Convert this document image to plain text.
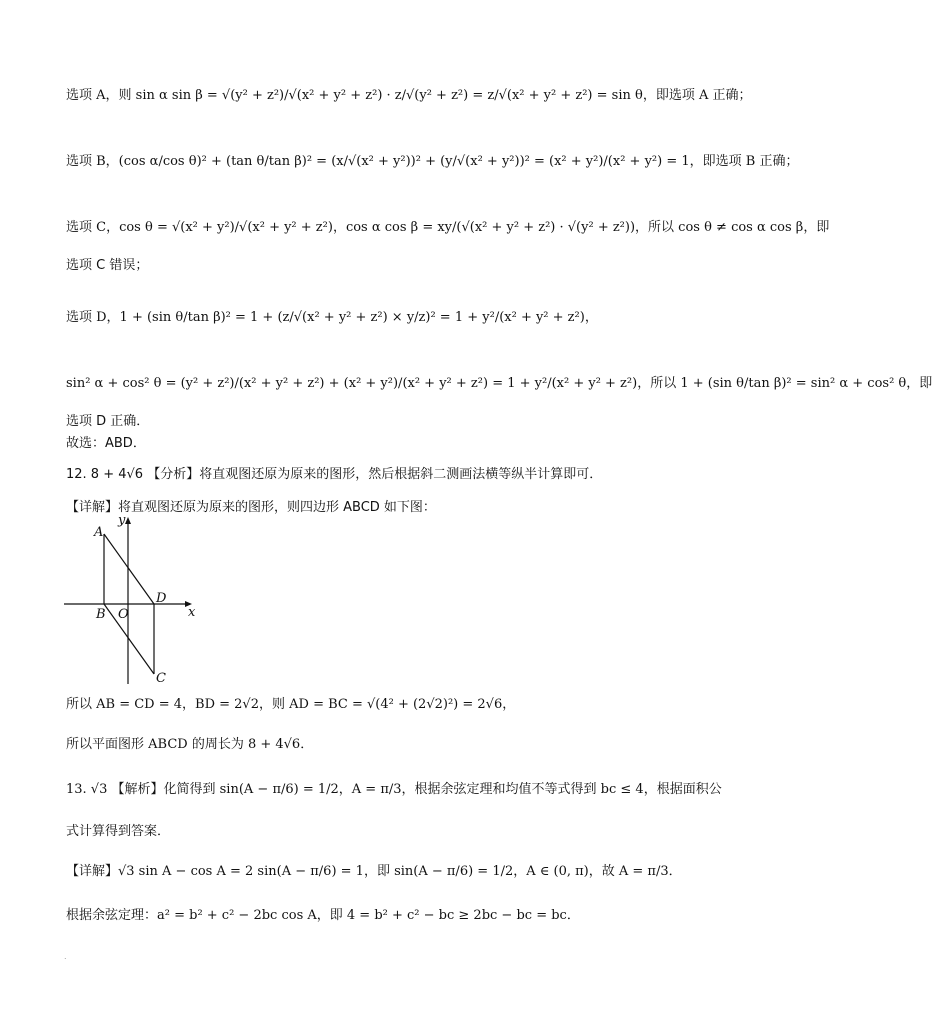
选项 A，则 sin α sin β = √(y² + z²)/√(x² + y² + z²) · z/√(y² + z²) = z/√(x² + y² + z²) = sin θ，即选项 A 正确；
选项 B，(cos α/cos θ)² + (tan θ/tan β)² = (x/√(x² + y²))² + (y/√(x² + y²))² = (x² + y²)/(x² + y²) = 1，即选项 B 正确；
选项 C，cos θ = √(x² + y²)/√(x² + y² + z²)，cos α cos β = xy/(√(x² + y² + z²) · √(y² + z²))，所以 cos θ ≠ cos α cos β，即
选项 C 错误；
选项 D，1 + (sin θ/tan β)² = 1 + (z/√(x² + y² + z²) × y/z)² = 1 + y²/(x² + y² + z²)，
sin² α + cos² θ = (y² + z²)/(x² + y² + z²) + (x² + y²)/(x² + y² + z²) = 1 + y²/(x² + y² + z²)，所以 1 + (sin θ/tan β)² = sin² α + cos² θ，即
选项 D 正确．
故选：ABD．
12. 8 + 4√6 【分析】将直观图还原为原来的图形，然后根据斜二测画法横等纵半计算即可．
【详解】将直观图还原为原来的图形，则四边形 ABCD 如下图：
A
y
B O
D
x
C
所以 AB = CD = 4，BD = 2√2，则 AD = BC = √(4² + (2√2)²) = 2√6，
所以平面图形 ABCD 的周长为 8 + 4√6．
13. √3 【解析】化简得到 sin(A − π/6) = 1/2，A = π/3，根据余弦定理和均值不等式得到 bc ≤ 4，根据面积公
式计算得到答案．
【详解】√3 sin A − cos A = 2 sin(A − π/6) = 1，即 sin(A − π/6) = 1/2，A ∈ (0, π)，故 A = π/3．
根据余弦定理：a² = b² + c² − 2bc cos A，即 4 = b² + c² − bc ≥ 2bc − bc = bc．
.
